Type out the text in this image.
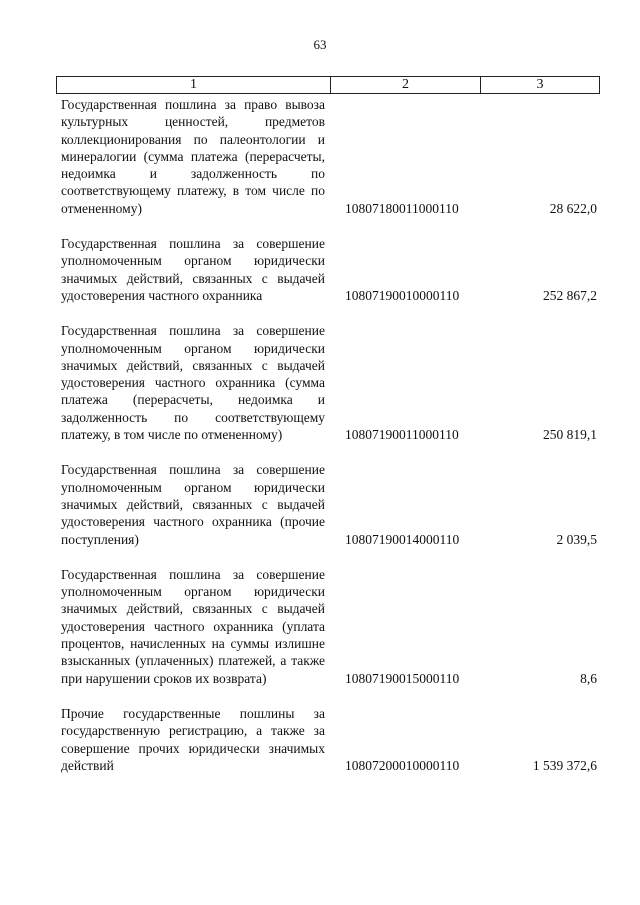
63
1	2	3
Государственная пошлина за право вывоза культурных ценностей, предметов коллекционирования по палеонтологии и минералогии (сумма платежа (перерасчеты, недоимка и задолженность по соответствующему платежу, в том числе по отмененному)	10807180011000110	28 622,0
Государственная пошлина за совершение уполномоченным органом юридически значимых действий, связанных с выдачей удостоверения частного охранника	10807190010000110	252 867,2
Государственная пошлина за совершение уполномоченным органом юридически значимых действий, связанных с выдачей удостоверения частного охранника (сумма платежа (перерасчеты, недоимка и задолженность по соответствующему платежу, в том числе по отмененному)	10807190011000110	250 819,1
Государственная пошлина за совершение уполномоченным органом юридически значимых действий, связанных с выдачей удостоверения частного охранника (прочие поступления)	10807190014000110	2 039,5
Государственная пошлина за совершение уполномоченным органом юридически значимых действий, связанных с выдачей удостоверения частного охранника (уплата процентов, начисленных на суммы излишне взысканных (уплаченных) платежей, а также при нарушении сроков их возврата)	10807190015000110	8,6
Прочие государственные пошлины за государственную регистрацию, а также за совершение прочих юридически значимых действий	10807200010000110	1 539 372,6
